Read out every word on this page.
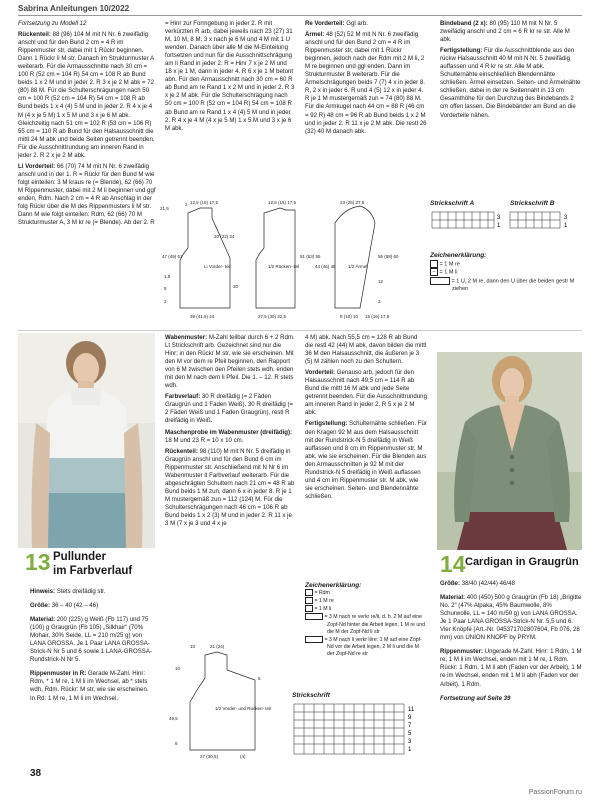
Sabrina Anleitungen 10/2022

Fortsetzung zu Modell 12

Rückenteil: 88 (96) 104 M mit N Nr. 6 zweifädig anschl und für den Bund 2 cm = 4 R im Rippenmuster str, dabei mit 1 Rückr beginnen. Dann 1 Rückr li M str. Danach im Strukturmuster A weiterarb. Für die Armausschnitte nach 30 cm = 100 R (52 cm = 104 R) 54 cm = 108 R ab Bund beids 1 x 2 M und in jeder 2. R 3 x je 2 M abk = 72 (80) 88 M. Für die Schulterschrägungen nach 50 cm = 100 R (52 cm = 104 R) 54 cm = 108 R ab Bund beids 1 x 4 (4) 5 M und in jeder 2. R 4 x je 4 M (4 x je 5 M) 1 x 5 M und 3 x je 6 M abk. Gleichzeitig nach 51 cm = 102 R (53 cm = 106 R) 55 cm = 110 R ab Bund für den Halsausschnitt die mittl 24 M abk und beide Seiten getrennt beenden. Für die Ausschnittrundung am inneren Rand in jeder 2. R 2 x je 2 M abk.

Li Vorderteil: 66 (70) 74 M mit N Nr. 6 zweifädig anschl und in der 1. R = Rückr für den Bund M wie folgt einteilen: 3 M kraus re (= Blende), 62 (66) 70 M Rippenmuster, dabei mit 2 M li beginnen und ggf enden, Rdm. Nach 2 cm = 4 R ab Anschlag in der folg Rückr über die M des Rippenmusters li M str. Dann M wie folgt einteilen: Rdm, 62 (66) 70 M Strukturmuster A, 3 M kr re (= Blende). Ab der 2. R

= Hinr zur Formgebung in jeder 2. R mit verkürzten R arb, dabei jeweils nach 23 (27) 31 M, 10 M, 8 M, 3 x nach je 6 M und 4 M mit 1 U wenden. Danach über alle M die M-Einteilung fortsetzen und nun für die Ausschnittschrägung am li Rand in jeder 2. R = Hinr 7 x je 2 M und 18 x je 1 M, dann in jeder 4. R 6 x je 1 M betont abn. Für den Armausschnitt nach 30 cm = 60 R ab Bund am re Rand 1 x 2 M und in jeder 2. R 3 x je 2 M abk. Für die Schulterschrägung nach 50 cm = 100 R (52 cm = 104 R) 54 cm = 108 R ab Bund am re Rand 1 x 4 (4) 5 M und in jeder 2. R 4 x je 4 M (4 x je 5 M) 1 x 5 M und 3 x je 6 M abk.

Re Vorderteil: Ggl arb.

Ärmel: 48 (52) 52 M mit N Nr. 6 zweifädig anschl und für den Bund 2 cm = 4 R im Rippenmuster str, dabei mit 1 Rückr beginnen, jedoch nach der Rdm mit 2 M li, 2 M re beginnen und ggl enden. Dann im Strukturmuster B weiterarb. Für die Ärmelschrägungen beids 7 (7) 4 x in jeder 8. R, 2 x in jeder 6. R und 4 (5) 12 x in jeder 4. R je 1 M mustergemäß zun = 74 (80) 88 M. Für die Armkugel nach 44 cm = 88 R (46 cm = 92 R) 48 cm = 96 R ab Bund beids 1 x 2 M und in jeder 2. R 11 x je 2 M abk. Die restl 26 (32) 40 M danach abk.

Bindeband (2 x): 80 (95) 110 M mit N Nr. 5 zweifädig anschl und 2 cm = 6 R kr re str. Alle M abk.

Fertigstellung: Für die Ausschnittblende aus den rückw Halsausschnitt 40 M mit N Nr. 5 zweifädig auffassen und 4 R kr re str. Alle M abk. Schulternähte einschließlich Blendennähte schließen. Ärmel einsetzen. Seiten- und Ärmelnähte schließen, dabei in der re Seitennaht in 13 cm Gesamthöhe für den Durchzug des Bindebands 2 cm offen lassen. Die Bindebänder am Bund an die Vorderteile nähen.

Li Vorder- teil	1/2 Rücken- teil	1/2 Ärmel
21,5
2 12,5 (15) 17,5	12,5 (15) 17,5
20 (22) 24
47 (49) 51
30
39 (41,5) 44
1,5
5
2
27,5 (30) 32,5
23 (25) 27,5
51 (53) 55
44 (46) 48
56 (58) 60
8 (10) 10 15 (16) 17,5
12
2
Strickschrift A	Strickschrift B
3
1
3
1
Zeichenerklärung:
= 1 M re
– = 1 M li
= 1 U, 2 M re, dann den U über die beiden gestr M ziehen
13 Pullunder
im Farbverlauf

Hinweis: Stets dreifädig str.

Größe: 36 – 40 (42 – 46)

Material: 200 (225) g Weiß (Fb 117) und 75 (100) g Graugrün (Fb 105) „Silkhair“ (70% Mohair, 30% Seide, LL = 210 m/25 g) von LANA GROSSA. Je 1 Paar LANA GROSSA-Strick-N Nr 5 und 6 sowie 1 LANA-GROSSA-Rundstrick-N Nr 5.

Rippenmuster in R: Gerade M-Zahl. Hinr: Rdm, * 1 M re, 1 M li im Wechsel, ab * stets wdh, Rdm. Rückr: M str, wie sie erscheinen. In Rd: 1 M re, 1 M li im Wechsel.

Wabenmuster: M-Zahl teilbar durch 6 + 2 Rdm. Lt Strickschrift arb. Gezeichnet sind nur die Hinr; in den Rückr M str, wie sie erscheinen. Mit den M vor dem re Pfeil beginnen, den Rapport von 6 M zwischen den Pfeilen stets wdh, enden mit den M nach dem li Pfeil. Die 1. – 12. R stets wdh.

Farbverlauf: 30 R dreifädig (= 2 Fäden Graugrün und 1 Faden Weiß), 30 R dreifädig (= 2 Fäden Weiß und 1 Faden Graugrün), restl R dreifädig in Weiß.

Maschenprobe im Wabenmuster (dreifädig): 18 M und 23 R = 10 x 10 cm.

Rückenteil: 98 (110) M mit N Nr. 5 dreifädig in Graugrün anschl und für den Bund 6 cm im Rippenmuster str. Anschließend mit N Nr 6 im Wabenmuster lt Farbverlauf weiterarb. Für die abgeschrägten Schultern nach 21 cm = 48 R ab Bund beids 1 M zun, dann 6 x in jeder 8. R je 1 M mustergemäß zun = 112 (124) M. Für die Schulterschrägungen nach 46 cm = 106 R ab Bund beids 1 x 2 (3) M und in jeder 2. R 11 x je 3 M (7 x je 3 und 4 x je

1/2 Vorder- und Rücken- teil
10	21 (24)
5
10
49,5
6
27 (30,5)	(4)

4 M) abk. Nach 55,5 cm = 128 R ab Bund die restl 42 (44) M abk, davon bilden die mittl 36 M den Halsausschnitt, die äußeren je 3 (5) M zählen noch zu den Schultern.

Vorderteil: Genauso arb, jedoch für den Halsausschnitt nach 49,5 cm = 114 R ab Bund die mittl 16 M abk und jede Seite getrennt beenden. Für die Ausschnittrundung am inneren Rand in jeder 2. R 5 x je 2 M abk.

Fertigstellung: Schulternähte schließen. Für den Kragen 92 M aus dem Halsausschnitt mit der Rundstrick-N 5 dreifädig in Weiß auffassen und 8 cm im Rippenmuster str. M abk, wie sie erscheinen. Für die Blenden aus den Armausschnitten je 92 M mit der Rundstrick-N 5 dreifädig in Weiß auffassen und 4 cm im Rippenmuster str. M abk, wie sie erscheinen. Seiten- und Blendennähte schließen.

Zeichenerklärung:
= Rdm
= 1 M re
= 1 M li
= 3 M nach re verkr re/li, d. h. 2 M auf eine Zopf-Nd hinter die Arbeit legen, 1 M re und die M der Zopf-Nd li str
= 3 M nach li verkr li/re: 1 M auf eine Zopf-Nd vor die Arbeit legen, 2 M li und die M der Zopf-Nd re str
Strickschrift
11
9
7
5
3
1
14 Cardigan in Graugrün

Größe: 38/40 (42/44) 46/48

Material: 400 (450) 500 g Graugrün (Fb 18) „Brigitte No. 2“ (47% Alpaka, 45% Baumwolle, 8% Schurwolle, LL = 140 m/50 g) von LANA GROSSA. Je 1 Paar LANA GROSSA-Strick-N Nr. 5,5 und 6. Vier Knöpfe (Art.-Nr. 045371702807604, Fb 076, 28 mm) von UNION KNOPF by PRYM.

Rippenmuster: Ungerade M-Zahl. Hinr: 1 Rdm, 1 M re, 1 M li im Wechsel, enden mit 1 M re, 1 Rdm. Rückr: 1 Rdm, 1 M li abh (Faden vor der Arbeit), 1 M re im Wechsel, enden mit 1 M li abh (Faden vor der Arbeit), 1 Rdm.

Fortsetzung auf Seite 39

38
PassionForum.ru
